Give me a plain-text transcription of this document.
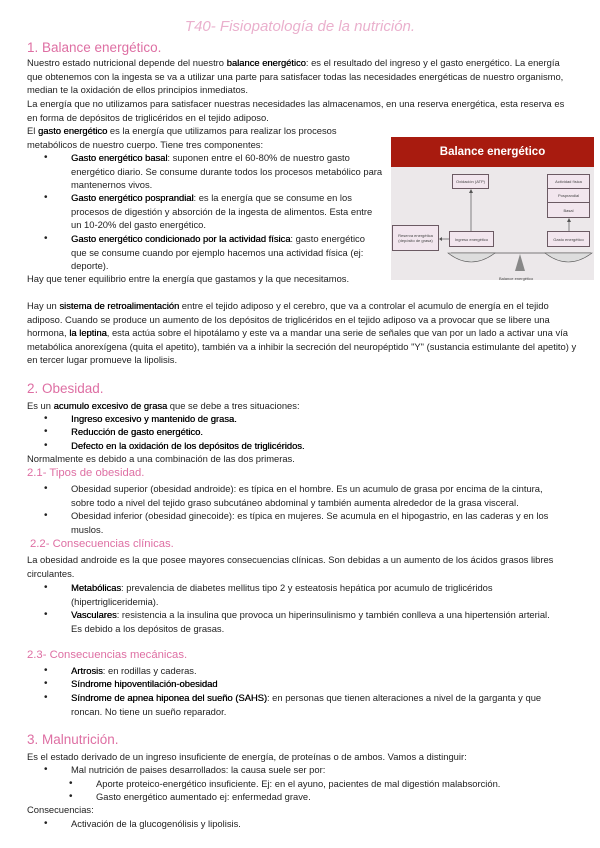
T40- Fisiopatología de la nutrición.
1. Balance energético.
Nuestro estado nutricional depende del nuestro balance energético: es el resultado del ingreso y el gasto energético. La energía que obtenemos con la ingesta se va a utilizar una parte para satisfacer todas las necesidades energéticas de nuestro organismo, median te la oxidación de ellos principios inmediatos.
La energía que no utilizamos para satisfacer nuestras necesidades las almacenamos, en una reserva energética, esta reserva es en forma de depósitos de triglicéridos en el tejido adiposo.
El gasto energético es la energía que utilizamos para realizar los procesos metabólicos de nuestro cuerpo. Tiene tres componentes:
• Gasto energético basal: suponen entre el 60-80% de nuestro gasto energético diario. Se consume durante todos los procesos metabólico para mantenernos vivos.
• Gasto energético posprandial: es la energía que se consume en los procesos de digestión y absorción de la ingesta de alimentos. Esta entre un 10-20% del gasto energético.
• Gasto energético condicionado por la actividad física: gasto energético que se consume cuando por ejemplo hacemos una actividad física (ej: deporte).
Hay que tener equilibrio entre la energía que gastamos y la que necesitamos.
Balance energético
Oxidación (ATP)	Actividad física
Posprandial
Basal
Reserva energética (depósito de grasa)	Ingreso energético	Gasto energético
Balance energético
Hay un sistema de retroalimentación entre el tejido adiposo y el cerebro, que va a controlar el acumulo de energía en el tejido adiposo. Cuando se produce un aumento de los depósitos de triglicéridos en el tejido adiposo va a provocar que se libere una hormona, la leptina, esta actúa sobre el hipotálamo y este va a mandar una serie de señales que van por un lado a activar una vía metabólica anorexígena (quita el apetito), también va a inhibir la secreción del neuropéptido "Y" (sustancia estimulante del apetito) y en tercer lugar promueve la lipolisis.
2. Obesidad.
Es un acumulo excesivo de grasa que se debe a tres situaciones:
• Ingreso excesivo y mantenido de grasa.
• Reducción de gasto energético.
• Defecto en la oxidación de los depósitos de triglicéridos.
Normalmente es debido a una combinación de las dos primeras.
2.1- Tipos de obesidad.
• Obesidad superior (obesidad androide): es típica en el hombre. Es un acumulo de grasa por encima de la cintura, sobre todo a nivel del tejido graso subcutáneo abdominal y también aumenta alrededor de la grasa visceral.
• Obesidad inferior (obesidad ginecoide): es típica en mujeres. Se acumula en el hipogastrio, en las caderas y en los muslos.
2.2- Consecuencias clínicas.
La obesidad androide es la que posee mayores consecuencias clínicas. Son debidas a un aumento de los ácidos grasos libres circulantes.
• Metabólicas: prevalencia de diabetes mellitus tipo 2 y esteatosis hepática por acumulo de triglicéridos (hipertrigliceridemia).
• Vasculares: resistencia a la insulina que provoca un hiperinsulinismo y también conlleva a una hipertensión arterial. Es debido a los depósitos de grasas.
2.3- Consecuencias mecánicas.
• Artrosis: en rodillas y caderas.
• Síndrome hipoventilación-obesidad
• Síndrome de apnea hiponea del sueño (SAHS): en personas que tienen alteraciones a nivel de la garganta y que roncan. No tiene un sueño reparador.
3. Malnutrición.
Es el estado derivado de un ingreso insuficiente de energía, de proteínas o de ambos. Vamos a distinguir:
• Mal nutrición de paises desarrollados: la causa suele ser por:
• Aporte proteico-energético insuficiente. Ej: en el ayuno, pacientes de mal digestión malabsorción.
• Gasto energético aumentado ej: enfermedad grave.
Consecuencias:
• Activación de la glucogenólisis y lipolisis.
